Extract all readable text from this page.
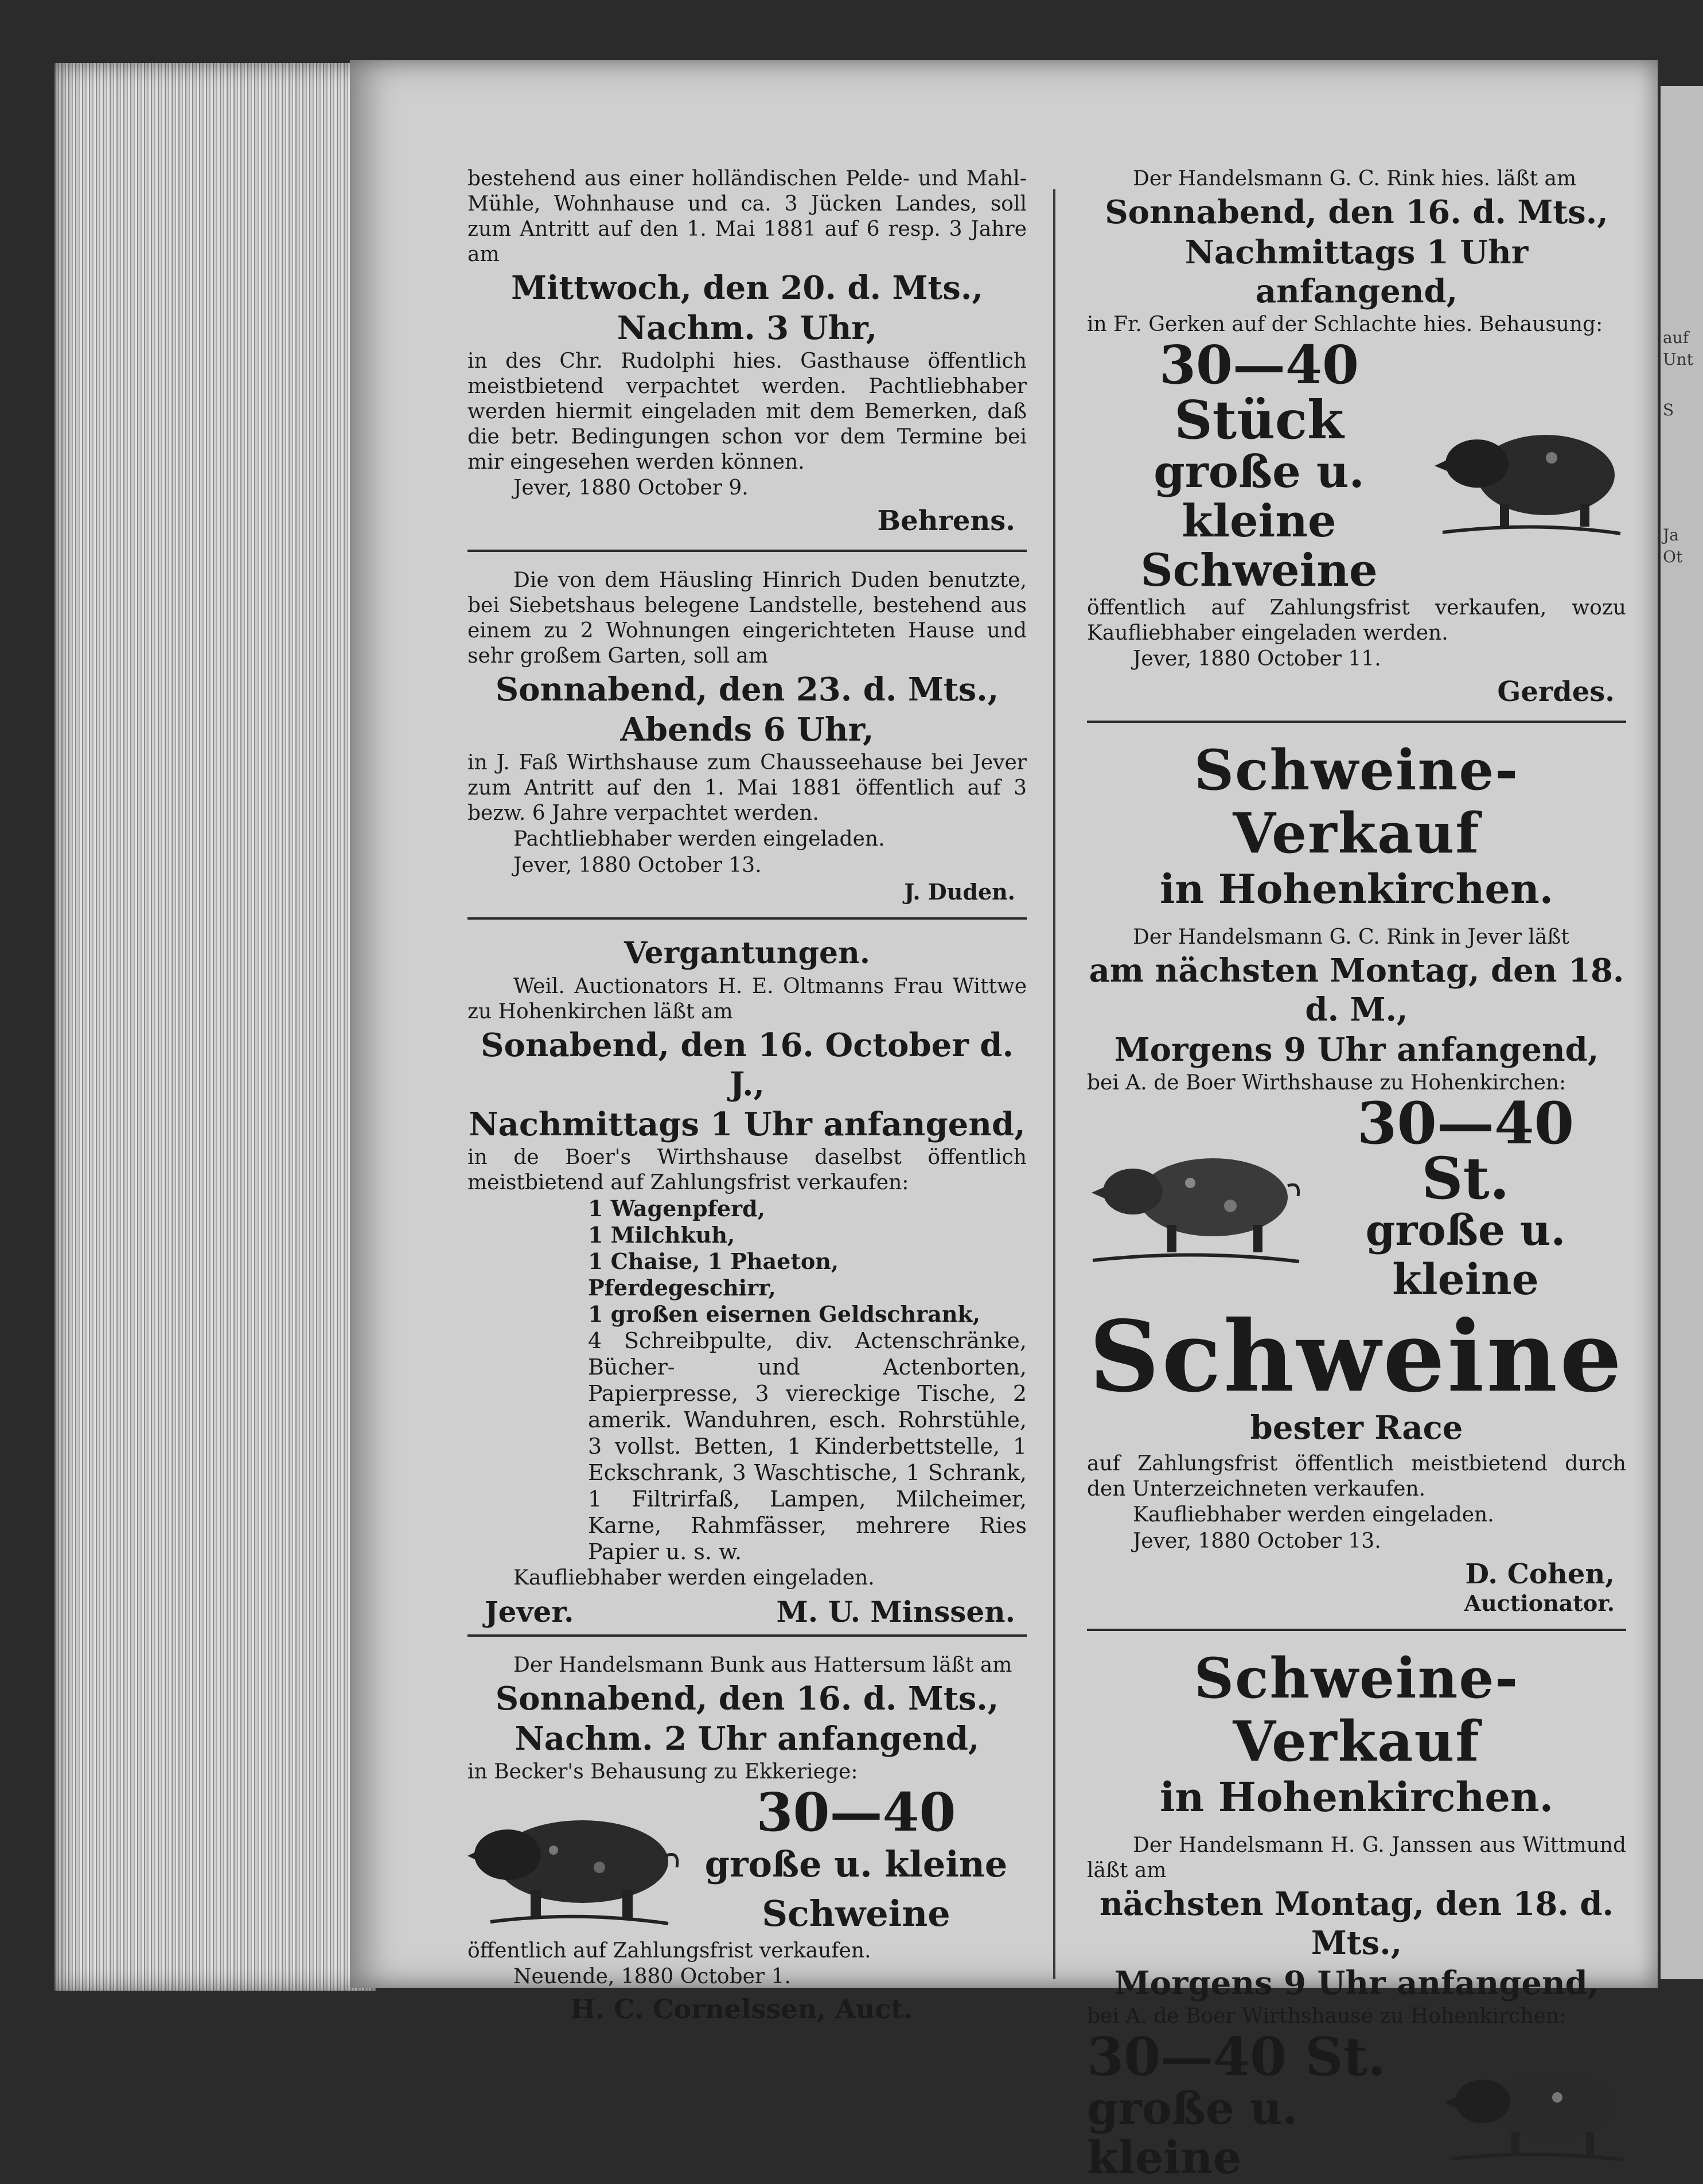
auf
Unt
S
Ja
Ot

bestehend aus einer holländischen Pelde- und Mahl-Mühle, Wohnhause und ca. 3 Jücken Landes, soll zum Antritt auf den 1. Mai 1881 auf 6 resp. 3 Jahre am

Mittwoch, den 20. d. Mts.,
Nachm. 3 Uhr,

in des Chr. Rudolphi hies. Gasthause öffentlich meistbietend verpachtet werden. Pachtliebhaber werden hiermit eingeladen mit dem Bemerken, daß die betr. Bedingungen schon vor dem Termine bei mir eingesehen werden können.

Jever, 1880 October 9.
Behrens.

Die von dem Häusling Hinrich Duden benutzte, bei Siebetshaus belegene Landstelle, bestehend aus einem zu 2 Wohnungen eingerichteten Hause und sehr großem Garten, soll am

Sonnabend, den 23. d. Mts.,
Abends 6 Uhr,

in J. Faß Wirthshause zum Chausseehause bei Jever zum Antritt auf den 1. Mai 1881 öffentlich auf 3 bezw. 6 Jahre verpachtet werden.

Pachtliebhaber werden eingeladen.
Jever, 1880 October 13.
J. Duden.
Vergantungen.

Weil. Auctionators H. E. Oltmanns Frau Wittwe zu Hohenkirchen läßt am

Sonabend, den 16. October d. J.,
Nachmittags 1 Uhr anfangend,

in de Boer's Wirthshause daselbst öffentlich meistbietend auf Zahlungsfrist verkaufen:

1 Wagenpferd,
1 Milchkuh,
1 Chaise, 1 Phaeton, Pferdegeschirr,
1 großen eisernen Geldschrank,
4 Schreibpulte, div. Actenschränke, Bücher- und Actenborten, Papierpresse, 3 viereckige Tische, 2 amerik. Wanduhren, esch. Rohrstühle, 3 vollst. Betten, 1 Kinderbettstelle, 1 Eckschrank, 3 Waschtische, 1 Schrank, 1 Filtrirfaß, Lampen, Milcheimer, Karne, Rahmfässer, mehrere Ries Papier u. s. w.
Kaufliebhaber werden eingeladen.
Jever.	M. U. Minssen.

Der Handelsmann Bunk aus Hattersum läßt am

Sonnabend, den 16. d. Mts.,
Nachm. 2 Uhr anfangend,

in Becker's Behausung zu Ekkeriege:

30—40
große u. kleine
Schweine

öffentlich auf Zahlungsfrist verkaufen.

Neuende, 1880 October 1.
H. C. Cornelssen, Auct.

Der Handelsmann G. C. Rink hies. läßt am

Sonnabend, den 16. d. Mts.,
Nachmittags 1 Uhr anfangend,

in Fr. Gerken auf der Schlachte hies. Behausung:

30—40 Stück
große u. kleine
Schweine

öffentlich auf Zahlungsfrist verkaufen, wozu Kaufliebhaber eingeladen werden.

Jever, 1880 October 11.
Gerdes.
Schweine-Verkauf
in Hohenkirchen.

Der Handelsmann G. C. Rink in Jever läßt

am nächsten Montag, den 18. d. M.,
Morgens 9 Uhr anfangend,

bei A. de Boer Wirthshause zu Hohenkirchen:

30—40 St.
große u. kleine
Schweine
bester Race

auf Zahlungsfrist öffentlich meistbietend durch den Unterzeichneten verkaufen.

Kaufliebhaber werden eingeladen.
Jever, 1880 October 13.
D. Cohen,
Auctionator.
Schweine-Verkauf
in Hohenkirchen.

Der Handelsmann H. G. Janssen aus Wittmund läßt am

nächsten Montag, den 18. d. Mts.,
Morgens 9 Uhr anfangend,

bei A. de Boer Wirthshause zu Hohenkirchen:

30—40 St.
große u. kleine
